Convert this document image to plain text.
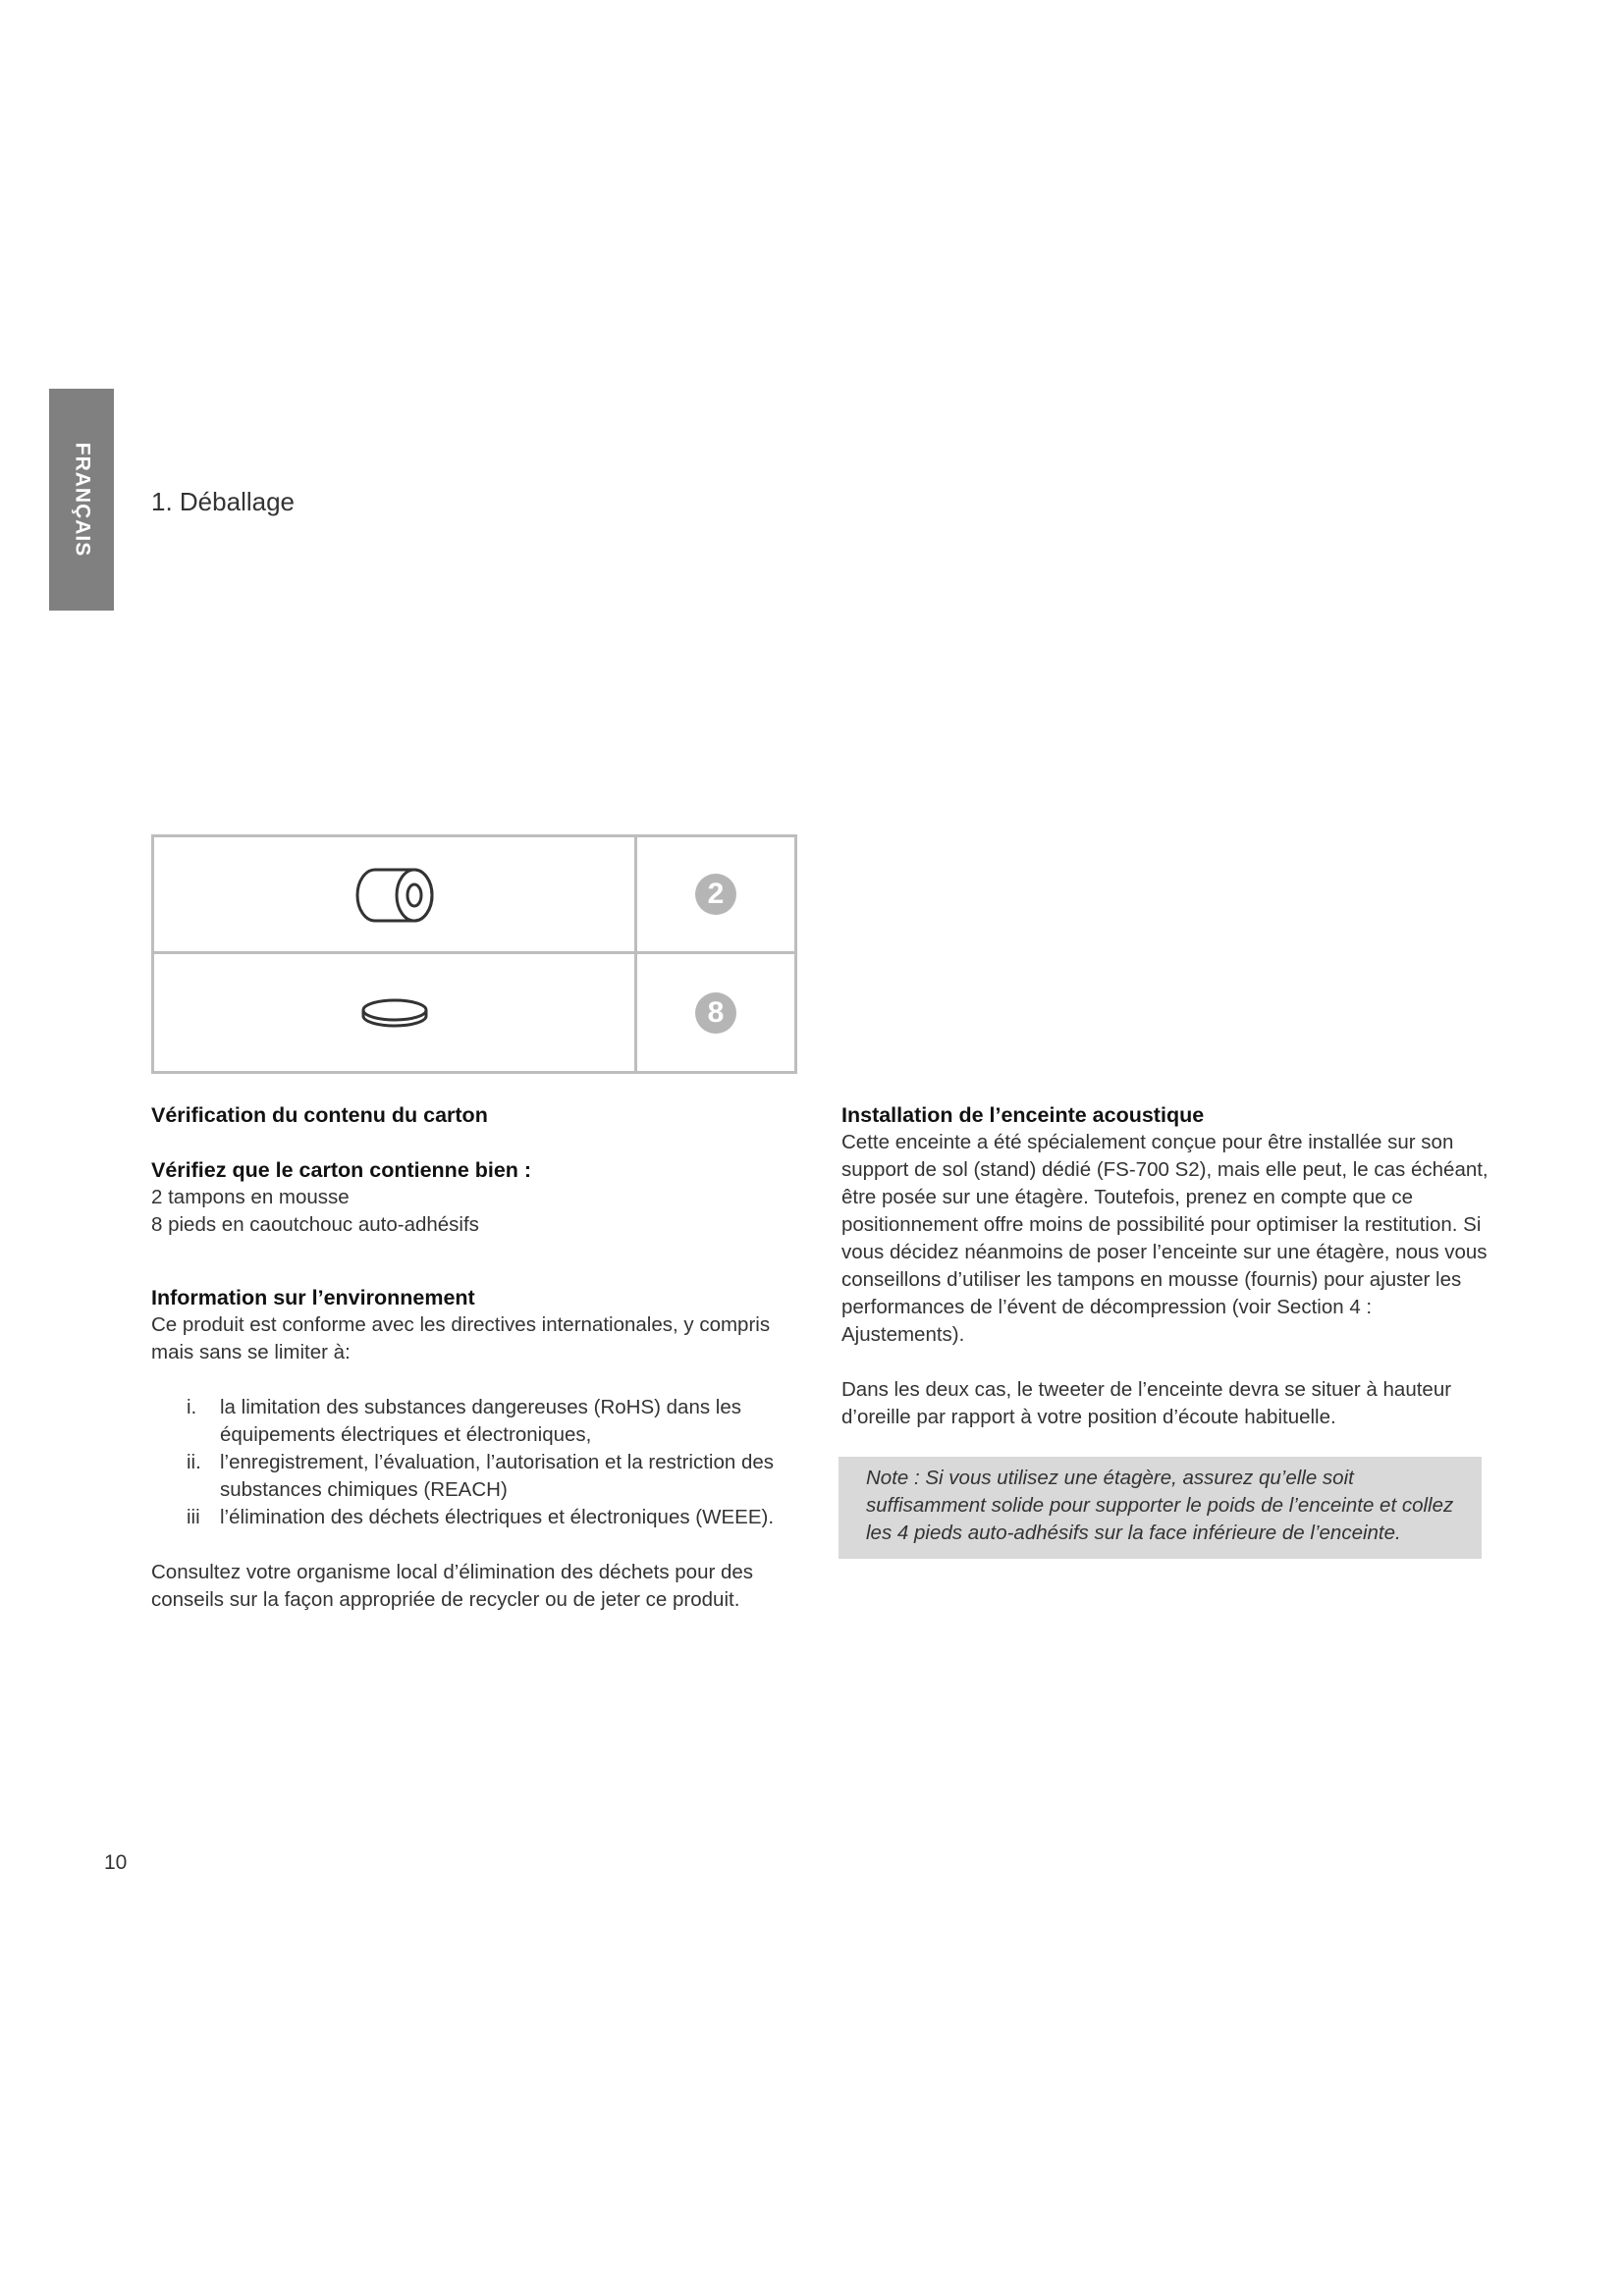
FRANÇAIS 1. Déballage
2
8

Vérification du contenu du carton

Vérifiez que le carton contienne bien :

2 tampons en mousse

8 pieds en caoutchouc auto-adhésifs

Information sur l’environnement

Ce produit est conforme avec les directives internationales, y compris mais sans se limiter à:

i. la limitation des substances dangereuses (RoHS) dans les équipements électriques et électroniques,
ii. l’enregistrement, l’évaluation, l’autorisation et la restriction des substances chimiques (REACH)
iii l’élimination des déchets électriques et électroniques (WEEE).

Consultez votre organisme local d’élimination des déchets pour des conseils sur la façon appropriée de recycler ou de jeter ce produit.

Installation de l’enceinte acoustique

Cette enceinte a été spécialement conçue pour être installée sur son support de sol (stand) dédié (FS-700 S2), mais elle peut, le cas échéant, être posée sur une étagère. Toutefois, prenez en compte que ce positionnement offre moins de possibilité pour optimiser la restitution. Si vous décidez néanmoins de poser l’enceinte sur une étagère, nous vous conseillons d’utiliser les tampons en mousse (fournis) pour ajuster les performances de l’évent de décompression (voir Section 4 : Ajustements).

Dans les deux cas, le tweeter de l’enceinte devra se situer à hauteur d’oreille par rapport à votre position d’écoute habituelle.

Note : Si vous utilisez une étagère, assurez qu’elle soit suffisamment solide pour supporter le poids de l’enceinte et collez les 4 pieds auto-adhésifs sur la face inférieure de l’enceinte.
10
